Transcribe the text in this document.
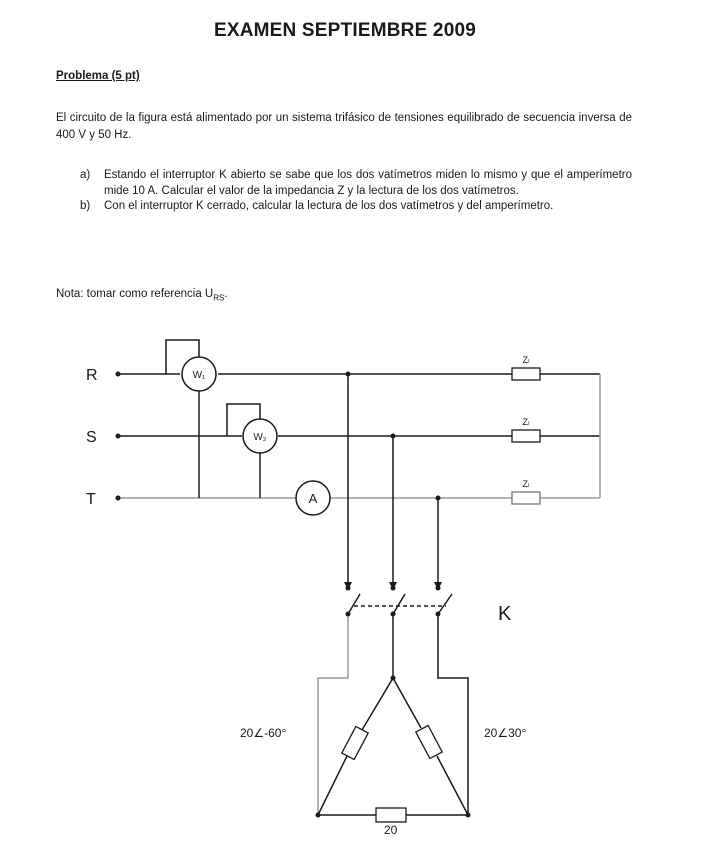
EXAMEN SEPTIEMBRE 2009
Problema (5 pt)
El circuito de la figura está alimentado por un sistema trifásico de tensiones equilibrado de secuencia inversa de 400 V y 50 Hz.
a)	Estando el interruptor K abierto se sabe que los dos vatímetros miden lo mismo y que el amperímetro mide 10 A. Calcular el valor de la impedancia Z y la lectura de los dos vatímetros.
b)	Con el interruptor K cerrado, calcular la lectura de los dos vatímetros y del amperímetro.
Nota: tomar como referencia $U_{RS}$.
R
S
T
W₁
W₂
A
Zₗ
Zₗ
Zₗ
K
20∠-60°	20∠30°
20
